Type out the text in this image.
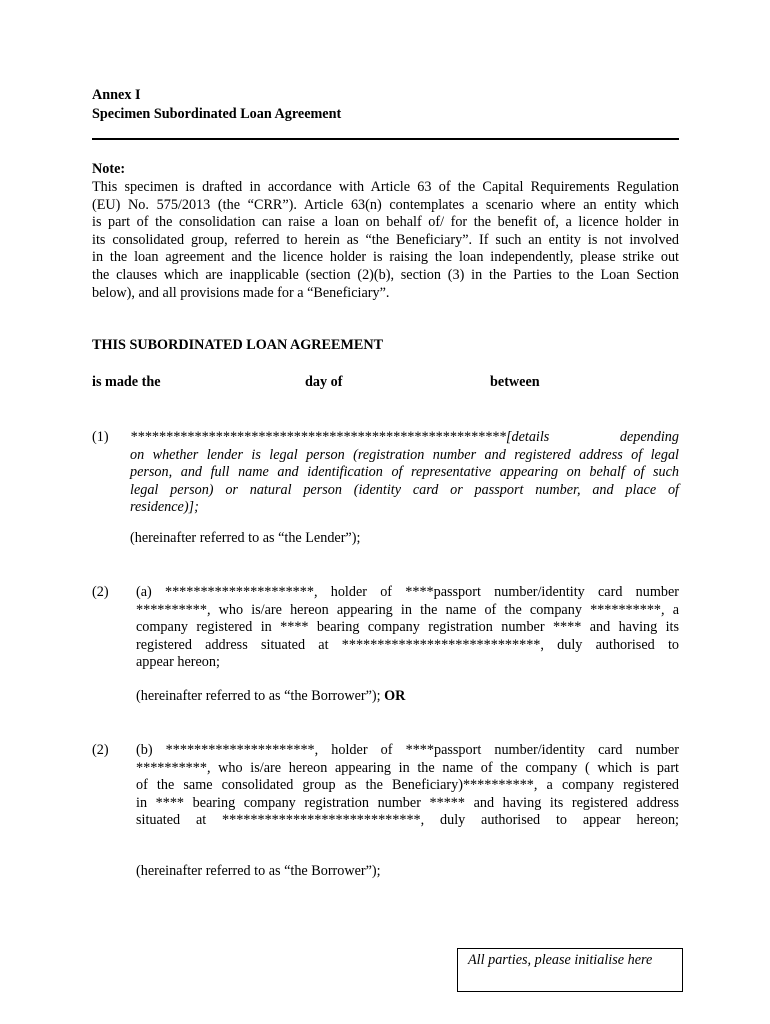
Annex I
Specimen Subordinated Loan Agreement
Note:
This specimen is drafted in accordance with Article 63 of the Capital Requirements Regulation
(EU) No. 575/2013 (the “CRR”). Article 63(n) contemplates a scenario where an entity which
is part of the consolidation can raise a loan on behalf of/ for the benefit of, a licence holder in
its consolidated group, referred to herein as “the Beneficiary”. If such an entity is not involved
in the loan agreement and the licence holder is raising the loan independently, please strike out
the clauses which are inapplicable (section (2)(b), section (3) in the Parties to the Loan Section
below), and all provisions made for a “Beneficiary”.
THIS SUBORDINATED LOAN AGREEMENT
is made the	day of	between
(1) *****************************************************[details depending
on whether lender is legal person (registration number and registered address of legal
person, and full name and identification of representative appearing on behalf of such
legal person) or natural person (identity card or passport number, and place of
residence)];
(hereinafter referred to as “the Lender”);
(2) (a) *********************, holder of ****passport number/identity card number
**********, who is/are hereon appearing in the name of the company **********, a
company registered in **** bearing company registration number **** and having its
registered address situated at ****************************, duly authorised to
appear hereon;
(hereinafter referred to as “the Borrower”); OR
(2) (b) *********************, holder of ****passport number/identity card number
**********, who is/are hereon appearing in the name of the company ( which is part
of the same consolidated group as the Beneficiary)**********, a company registered
in **** bearing company registration number ***** and having its registered address
situated at ****************************, duly authorised to appear hereon;
(hereinafter referred to as “the Borrower”);
All parties, please initialise here
